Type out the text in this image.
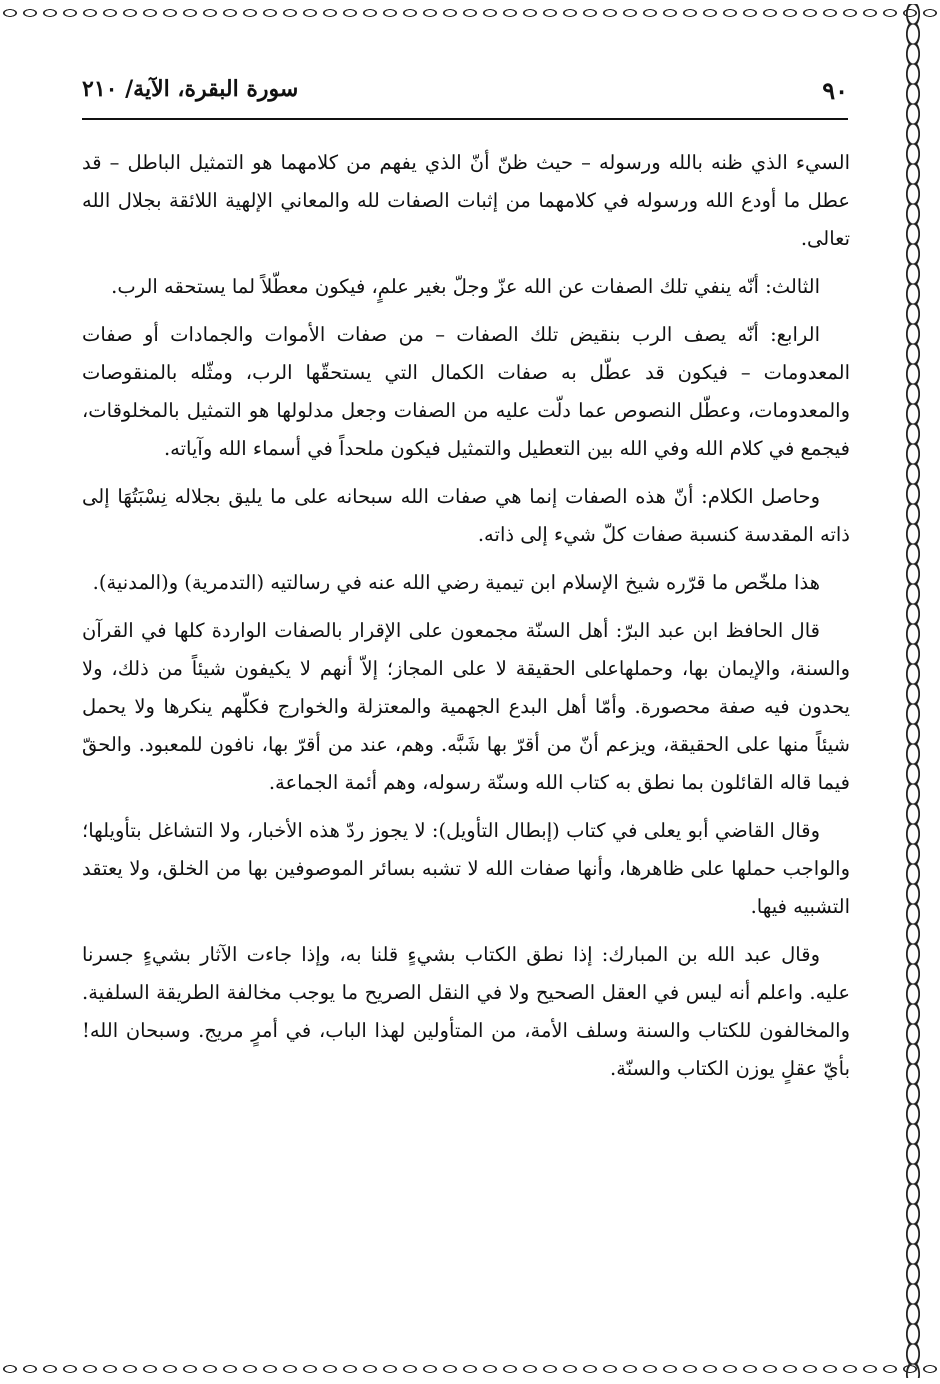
٩٠
سورة البقرة، الآية/ ٢١٠

السيء الذي ظنه بالله ورسوله – حيث ظنّ أنّ الذي يفهم من كلامهما هو التمثيل الباطل – قد عطل ما أودع الله ورسوله في كلامهما من إثبات الصفات لله والمعاني الإلهية اللائقة بجلال الله تعالى.

الثالث: أنّه ينفي تلك الصفات عن الله عزّ وجلّ بغير علمٍ، فيكون معطّلاً لما يستحقه الرب.

الرابع: أنّه يصف الرب بنقيض تلك الصفات – من صفات الأموات والجمادات أو صفات المعدومات – فيكون قد عطّل به صفات الكمال التي يستحقّها الرب، ومثّله بالمنقوصات والمعدومات، وعطّل النصوص عما دلّت عليه من الصفات وجعل مدلولها هو التمثيل بالمخلوقات، فيجمع في كلام الله وفي الله بين التعطيل والتمثيل فيكون ملحداً في أسماء الله وآياته.

وحاصل الكلام: أنّ هذه الصفات إنما هي صفات الله سبحانه على ما يليق بجلاله نِسْبَتُهَا إلى ذاته المقدسة كنسبة صفات كلّ شيء إلى ذاته.

هذا ملخّص ما قرّره شيخ الإسلام ابن تيمية رضي الله عنه في رسالتيه (التدمرية) و(المدنية).

قال الحافظ ابن عبد البرّ: أهل السنّة مجمعون على الإقرار بالصفات الواردة كلها في القرآن والسنة، والإيمان بها، وحملهاعلى الحقيقة لا على المجاز؛ إلاّ أنهم لا يكيفون شيئاً من ذلك، ولا يحدون فيه صفة محصورة. وأمّا أهل البدع الجهمية والمعتزلة والخوارج فكلّهم ينكرها ولا يحمل شيئاً منها على الحقيقة، ويزعم أنّ من أقرّ بها شَبَّه. وهم، عند من أقرّ بها، نافون للمعبود. والحقّ فيما قاله القائلون بما نطق به كتاب الله وسنّة رسوله، وهم أئمة الجماعة.

وقال القاضي أبو يعلى في كتاب (إبطال التأويل): لا يجوز ردّ هذه الأخبار، ولا التشاغل بتأويلها؛ والواجب حملها على ظاهرها، وأنها صفات الله لا تشبه بسائر الموصوفين بها من الخلق، ولا يعتقد التشبيه فيها.

وقال عبد الله بن المبارك: إذا نطق الكتاب بشيءٍ قلنا به، وإذا جاءت الآثار بشيءٍ جسرنا عليه. واعلم أنه ليس في العقل الصحيح ولا في النقل الصريح ما يوجب مخالفة الطريقة السلفية. والمخالفون للكتاب والسنة وسلف الأمة، من المتأولين لهذا الباب، في أمرٍ مريج. وسبحان الله! بأيّ عقلٍ يوزن الكتاب والسنّة.
